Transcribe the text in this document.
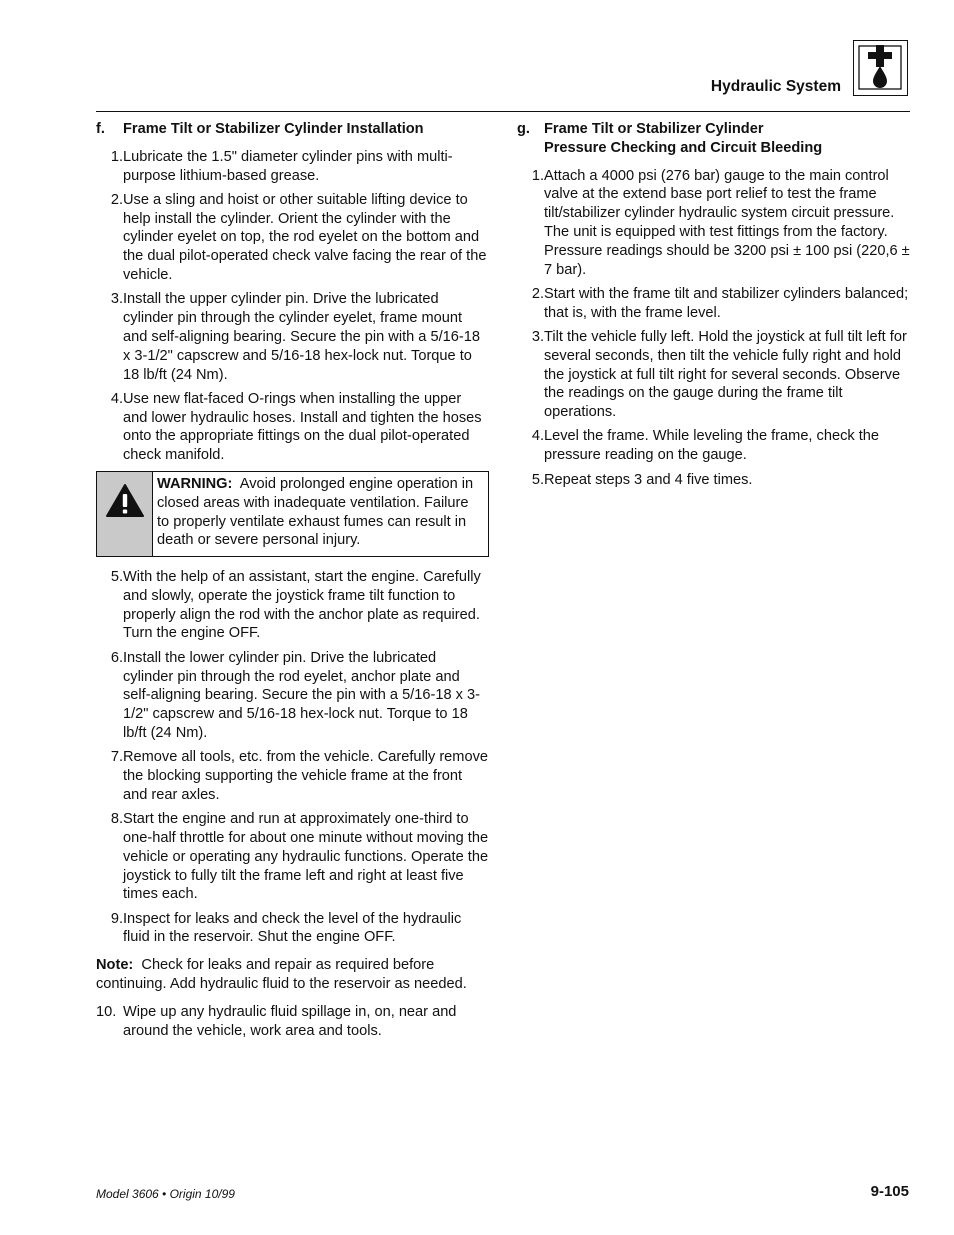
Hydraulic System
f.	Frame Tilt or Stabilizer Cylinder Installation
1. Lubricate the 1.5" diameter cylinder pins with multi-purpose lithium-based grease.
2. Use a sling and hoist or other suitable lifting device to help install the cylinder. Orient the cylinder with the cylinder eyelet on top, the rod eyelet on the bottom and the dual pilot-operated check valve facing the rear of the vehicle.
3. Install the upper cylinder pin. Drive the lubricated cylinder pin through the cylinder eyelet, frame mount and self-aligning bearing. Secure the pin with a 5/16-18 x 3-1/2" capscrew and 5/16-18 hex-lock nut. Torque to 18 lb/ft (24 Nm).
4. Use new flat-faced O-rings when installing the upper and lower hydraulic hoses. Install and tighten the hoses onto the appropriate fittings on the dual pilot-operated check manifold.
WARNING: Avoid prolonged engine operation in closed areas with inadequate ventilation. Failure to properly ventilate exhaust fumes can result in death or severe personal injury.
5. With the help of an assistant, start the engine. Carefully and slowly, operate the joystick frame tilt function to properly align the rod with the anchor plate as required. Turn the engine OFF.
6. Install the lower cylinder pin. Drive the lubricated cylinder pin through the rod eyelet, anchor plate and self-aligning bearing. Secure the pin with a 5/16-18 x 3-1/2" capscrew and 5/16-18 hex-lock nut. Torque to 18 lb/ft (24 Nm).
7. Remove all tools, etc. from the vehicle. Carefully remove the blocking supporting the vehicle frame at the front and rear axles.
8. Start the engine and run at approximately one-third to one-half throttle for about one minute without moving the vehicle or operating any hydraulic functions. Operate the joystick to fully tilt the frame left and right at least five times each.
9. Inspect for leaks and check the level of the hydraulic fluid in the reservoir. Shut the engine OFF.
Note: Check for leaks and repair as required before continuing. Add hydraulic fluid to the reservoir as needed.
10. Wipe up any hydraulic fluid spillage in, on, near and around the vehicle, work area and tools.
g. Frame Tilt or Stabilizer Cylinder
Pressure Checking and Circuit Bleeding
1. Attach a 4000 psi (276 bar) gauge to the main control valve at the extend base port relief to test the frame tilt/stabilizer cylinder hydraulic system circuit pressure. The unit is equipped with test fittings from the factory. Pressure readings should be 3200 psi ± 100 psi (220,6 ± 7 bar).
2. Start with the frame tilt and stabilizer cylinders balanced; that is, with the frame level.
3. Tilt the vehicle fully left. Hold the joystick at full tilt left for several seconds, then tilt the vehicle fully right and hold the joystick at full tilt right for several seconds. Observe the readings on the gauge during the frame tilt operations.
4. Level the frame. While leveling the frame, check the pressure reading on the gauge.
5. Repeat steps 3 and 4 five times.
Model 3606 • Origin 10/99	9-105
